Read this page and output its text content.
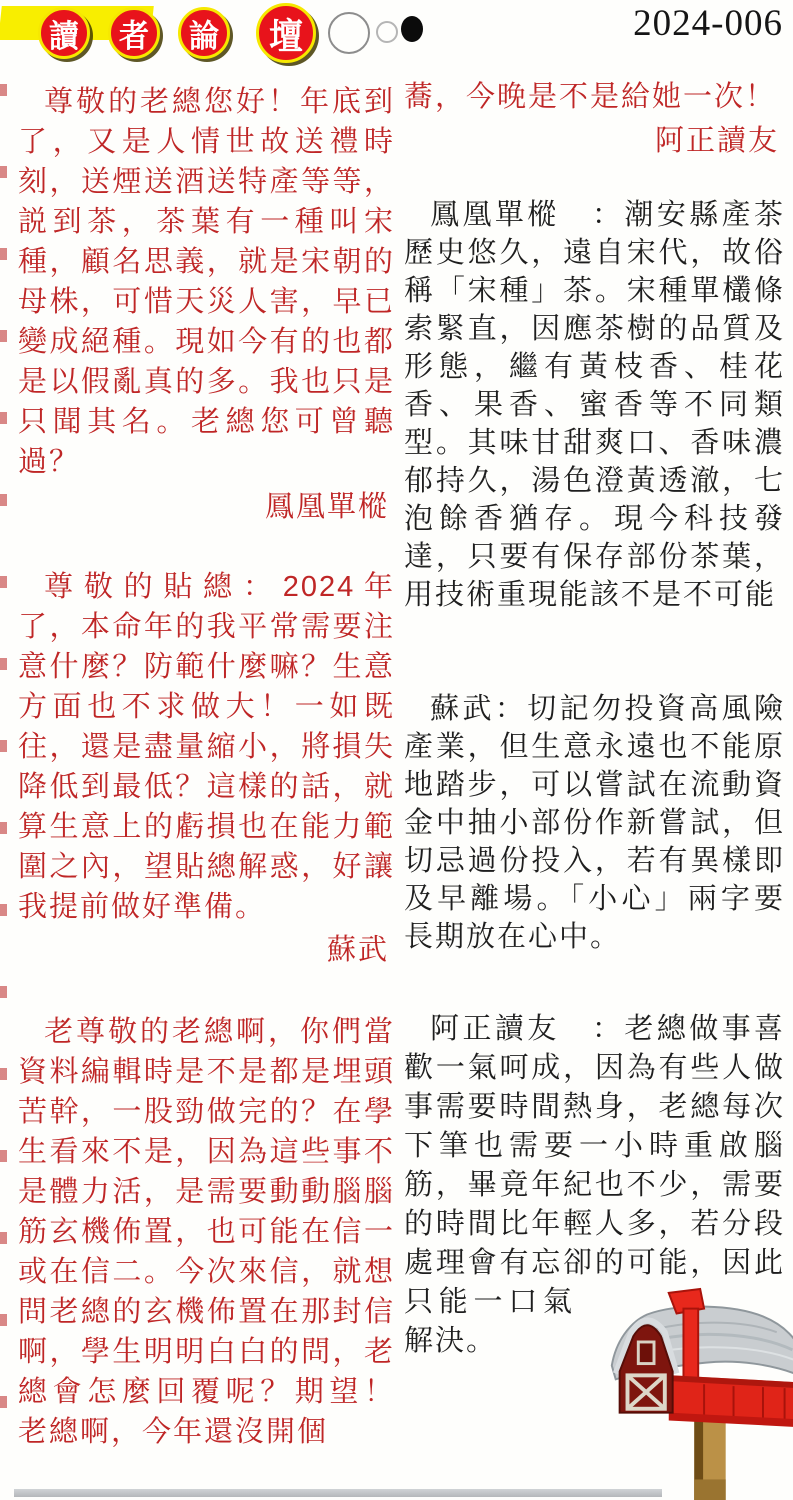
讀 者 論 壇	2024-006

尊敬的老總您好！年底到了，又是人情世故送禮時刻，送煙送酒送特產等等，説到茶，茶葉有一種叫宋種，顧名思義，就是宋朝的母株，可惜天災人害，早已變成絕種。現如今有的也都是以假亂真的多。我也只是只聞其名。老總您可曾聽過？

鳳凰單樅

尊敬的貼總：2024年了，本命年的我平常需要注意什麼？防範什麼嘛？生意方面也不求做大！一如既往，還是盡量縮小，將損失降低到最低？這樣的話，就算生意上的虧損也在能力範圍之內，望貼總解惑，好讓我提前做好準備。

蘇武

老尊敬的老總啊，你們當資料編輯時是不是都是埋頭苦幹，一股勁做完的？在學生看來不是，因為這些事不是體力活，是需要動動腦腦筋玄機佈置，也可能在信一 或在信二。今次來信，就想問老總的玄機佈置在那封信啊，學生明明白白的問，老總會怎麼回覆呢？期望！ 老總啊，今年還沒開個

蕎，今晚是不是給她一次！

阿正讀友

鳳凰單樅　：潮安縣產茶歷史悠久，遠自宋代，故俗稱「宋種」茶。宋種單欉條索緊直，因應茶樹的品質及形態，繼有黃枝香、桂花香、果香、蜜香等不同類型。其味甘甜爽口、香味濃郁持久，湯色澄黃透澈，七泡餘香猶存。現今科技發達，只要有保存部份茶葉，用技術重現能該不是不可能

蘇武：切記勿投資高風險產業，但生意永遠也不能原地踏步，可以嘗試在流動資金中抽小部份作新嘗試，但切忌過份投入，若有異樣即及早離場。「小心」兩字要長期放在心中。

阿正讀友　：老總做事喜歡一氣呵成，因為有些人做事需要時間熱身，老總每次下筆也需要一小時重啟腦筋，畢竟年紀也不少，需要的時間比年輕人多，若分段處理會有忘卻
的可能，因此只能一口氣解決。
